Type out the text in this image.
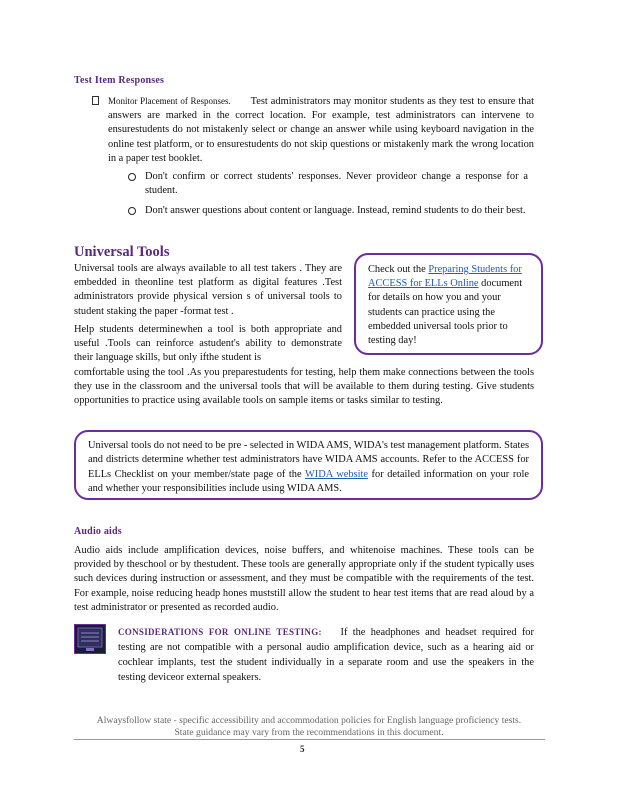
Test Item Responses
Monitor Placement of Responses. Test administrators may monitor students as they test to ensure that answers are marked in the correct location. For example, test administrators can intervene to ensurestudents do not mistakenly select or change an answer while using keyboard navigation in the online test platform, or to ensurestudents do not skip questions or mistakenly mark the wrong location in a paper test booklet.
Don't confirm or correct students' responses. Never provideor change a response for a student.
Don't answer questions about content or language. Instead, remind students to do their best.
Universal Tools
Universal tools are always available to all test takers . They are embedded in theonline test platform as digital features .Test administrators provide physical version s of universal tools to student staking the paper -format test .
Help students determinewhen a tool is both appropriate and useful .Tools can reinforce astudent's ability to demonstrate their language skills, but only ifthe student is
comfortable using the tool .As you preparestudents for testing, help them make connections between the tools they use in the classroom and the universal tools that will be available to them during testing. Give students opportunities to practice using available tools on sample items or tasks similar to testing.
Check out the Preparing Students for ACCESS for ELLs Online document for details on how you and your students can practice using the embedded universal tools prior to testing day!
Universal tools do not need to be pre - selected in WIDA AMS, WIDA's test management platform. States and districts determine whether test administrators have WIDA AMS accounts. Refer to the ACCESS for ELLs Checklist on your member/state page of the WIDA website for detailed information on your role and whether your responsibilities include using WIDA AMS.
Audio aids
Audio aids include amplification devices, noise buffers, and whitenoise machines. These tools can be provided by theschool or by thestudent. These tools are generally appropriate only if the student typically uses such devices during instruction or assessment, and they must be compatible with the requirements of the test. For example, noise reducing headp hones muststill allow the student to hear test items that are read aloud by a test administrator or presented as recorded audio.
CONSIDERATIONS FOR ONLINE TESTING: If the headphones and headset required for testing are not compatible with a personal audio amplification device, such as a hearing aid or cochlear implants, test the student individually in a separate room and use the speakers in the testing deviceor external speakers.
Alwaysfollow state - specific accessibility and accommodation policies for English language proficiency tests.
State guidance may vary from the recommendations in this document.
5
